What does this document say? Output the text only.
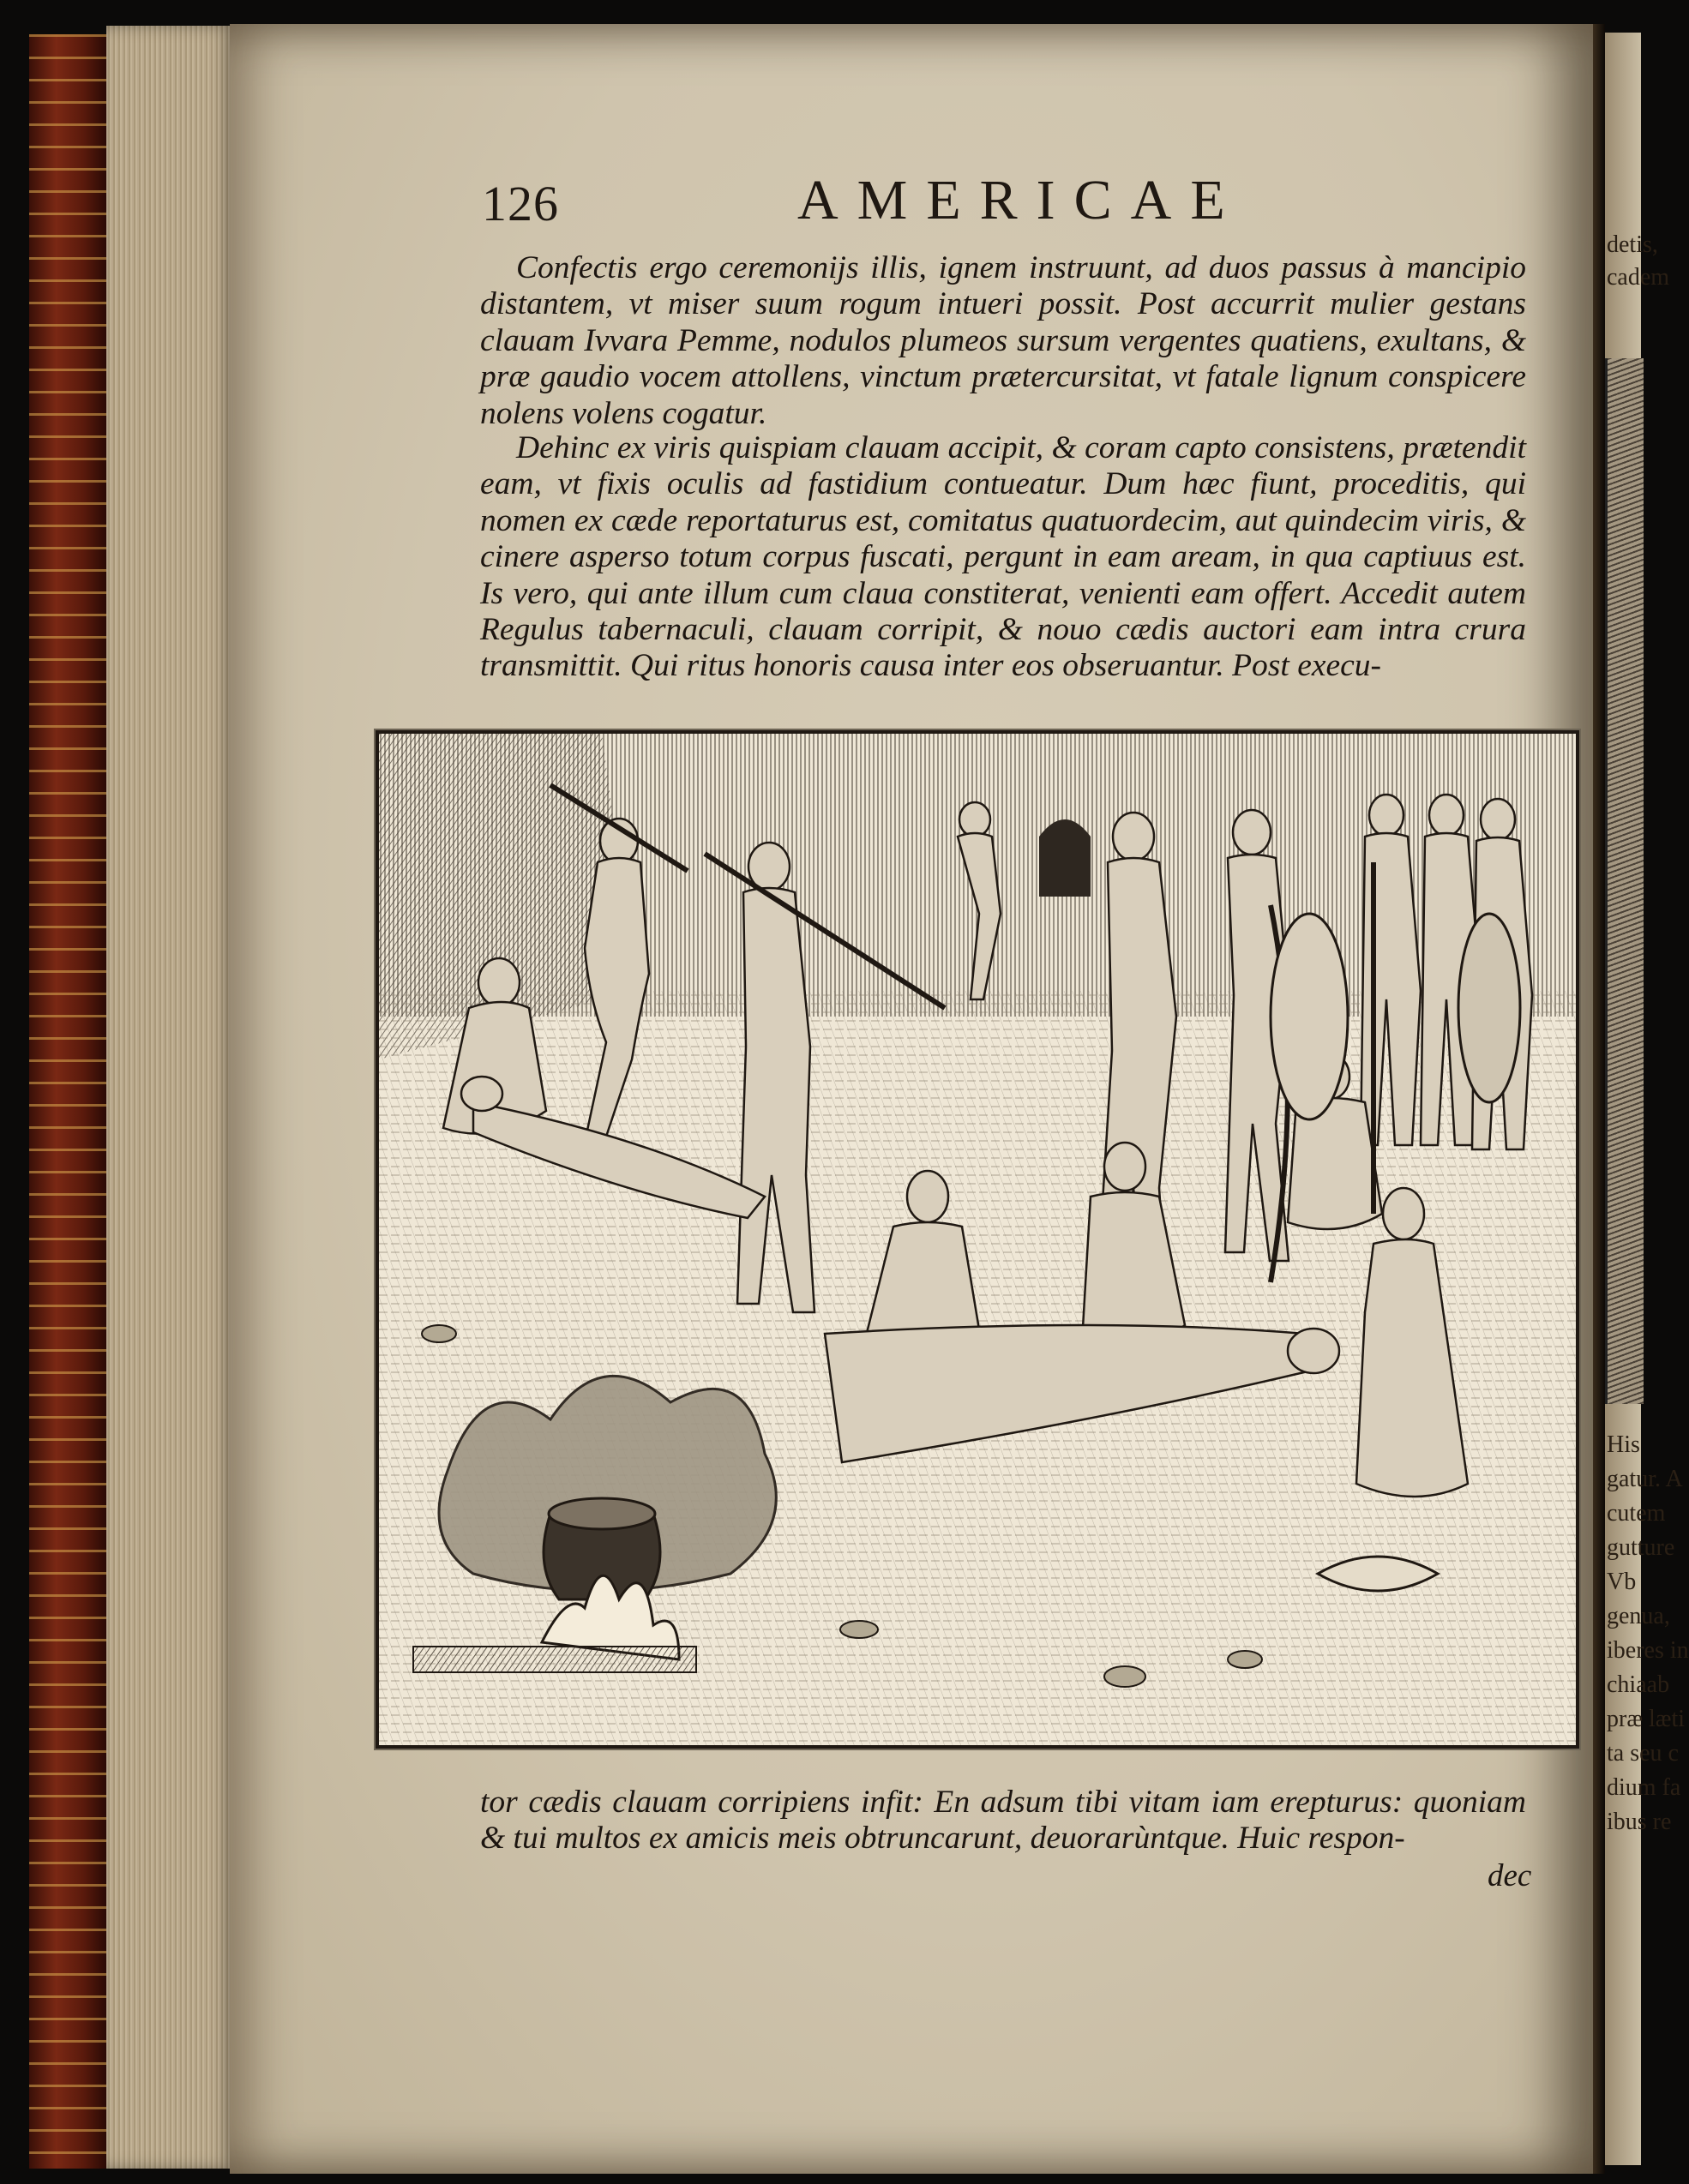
126	AMERICAE

Confectis ergo ceremonijs illis, ignem instruunt, ad duos passus à mancipio distantem, vt miser suum rogum intueri possit. Post accurrit mulier gestans clauam Ivvara Pemme, nodulos plumeos sursum vergentes quatiens, exultans, & præ gaudio vocem attollens, vinctum prætercursitat, vt fatale lignum conspicere nolens volens cogatur.

Dehinc ex viris quispiam clauam accipit, & coram capto consistens, prætendit eam, vt fixis oculis ad fastidium contueatur. Dum hæc fiunt, proceditis, qui nomen ex cæde reportaturus est, comitatus quatuordecim, aut quindecim viris, & cinere asperso totum corpus fuscati, pergunt in eam aream, in qua captiuus est. Is vero, qui ante illum cum claua constiterat, venienti eam offert. Accedit autem Regulus tabernaculi, clauam corripit, & nouo cædis auctori eam intra crura transmittit. Qui ritus honoris causa inter eos obseruantur. Post execu-

tor cædis clauam corripiens infit: En adsum tibi vitam iam erepturus: quoniam & tui multos ex amicis meis obtruncarunt, deuorarùntque. Huic respon-

dec
detis,
cadem
His
gatur. A
cutem
gutture
Vb
genua,
iberes in
chiaab
præ læti
ta seu c
dium fa
ibus re
